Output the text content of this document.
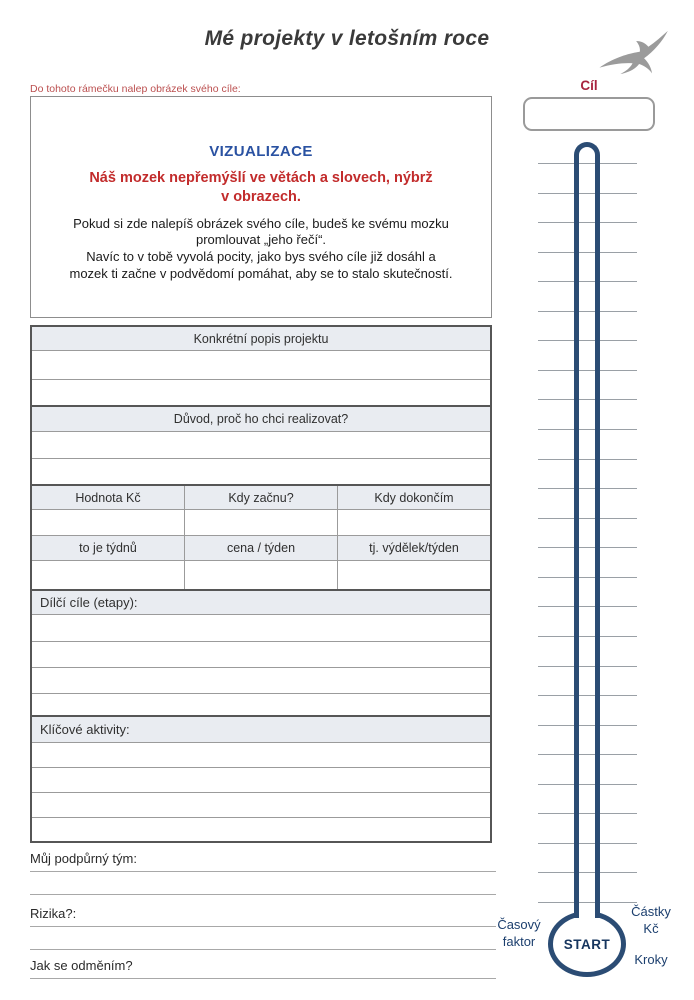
Mé projekty v letošním roce
Do tohoto rámečku nalep obrázek svého cíle:
VIZUALIZACE
Náš mozek nepřemýšlí ve větách a slovech, nýbrž
v obrazech.
Pokud si zde nalepíš obrázek svého cíle, budeš ke svému mozku
promlouvat „jeho řečí“.
Navíc to v tobě vyvolá pocity, jako bys svého cíle již dosáhl a
mozek ti začne v podvědomí pomáhat, aby se to stalo skutečností.
Konkrétní popis projektu
Důvod, proč ho chci realizovat?
Hodnota Kč	Kdy začnu?	Kdy dokončím
to je týdnů	cena / týden	tj. výdělek/týden
Dílčí cíle (etapy):
Klíčové aktivity:
Můj podpůrný tým:
Rizika?:
Jak se odměním?
Cíl
START
Časový
faktor
Částky
Kč
Kroky
